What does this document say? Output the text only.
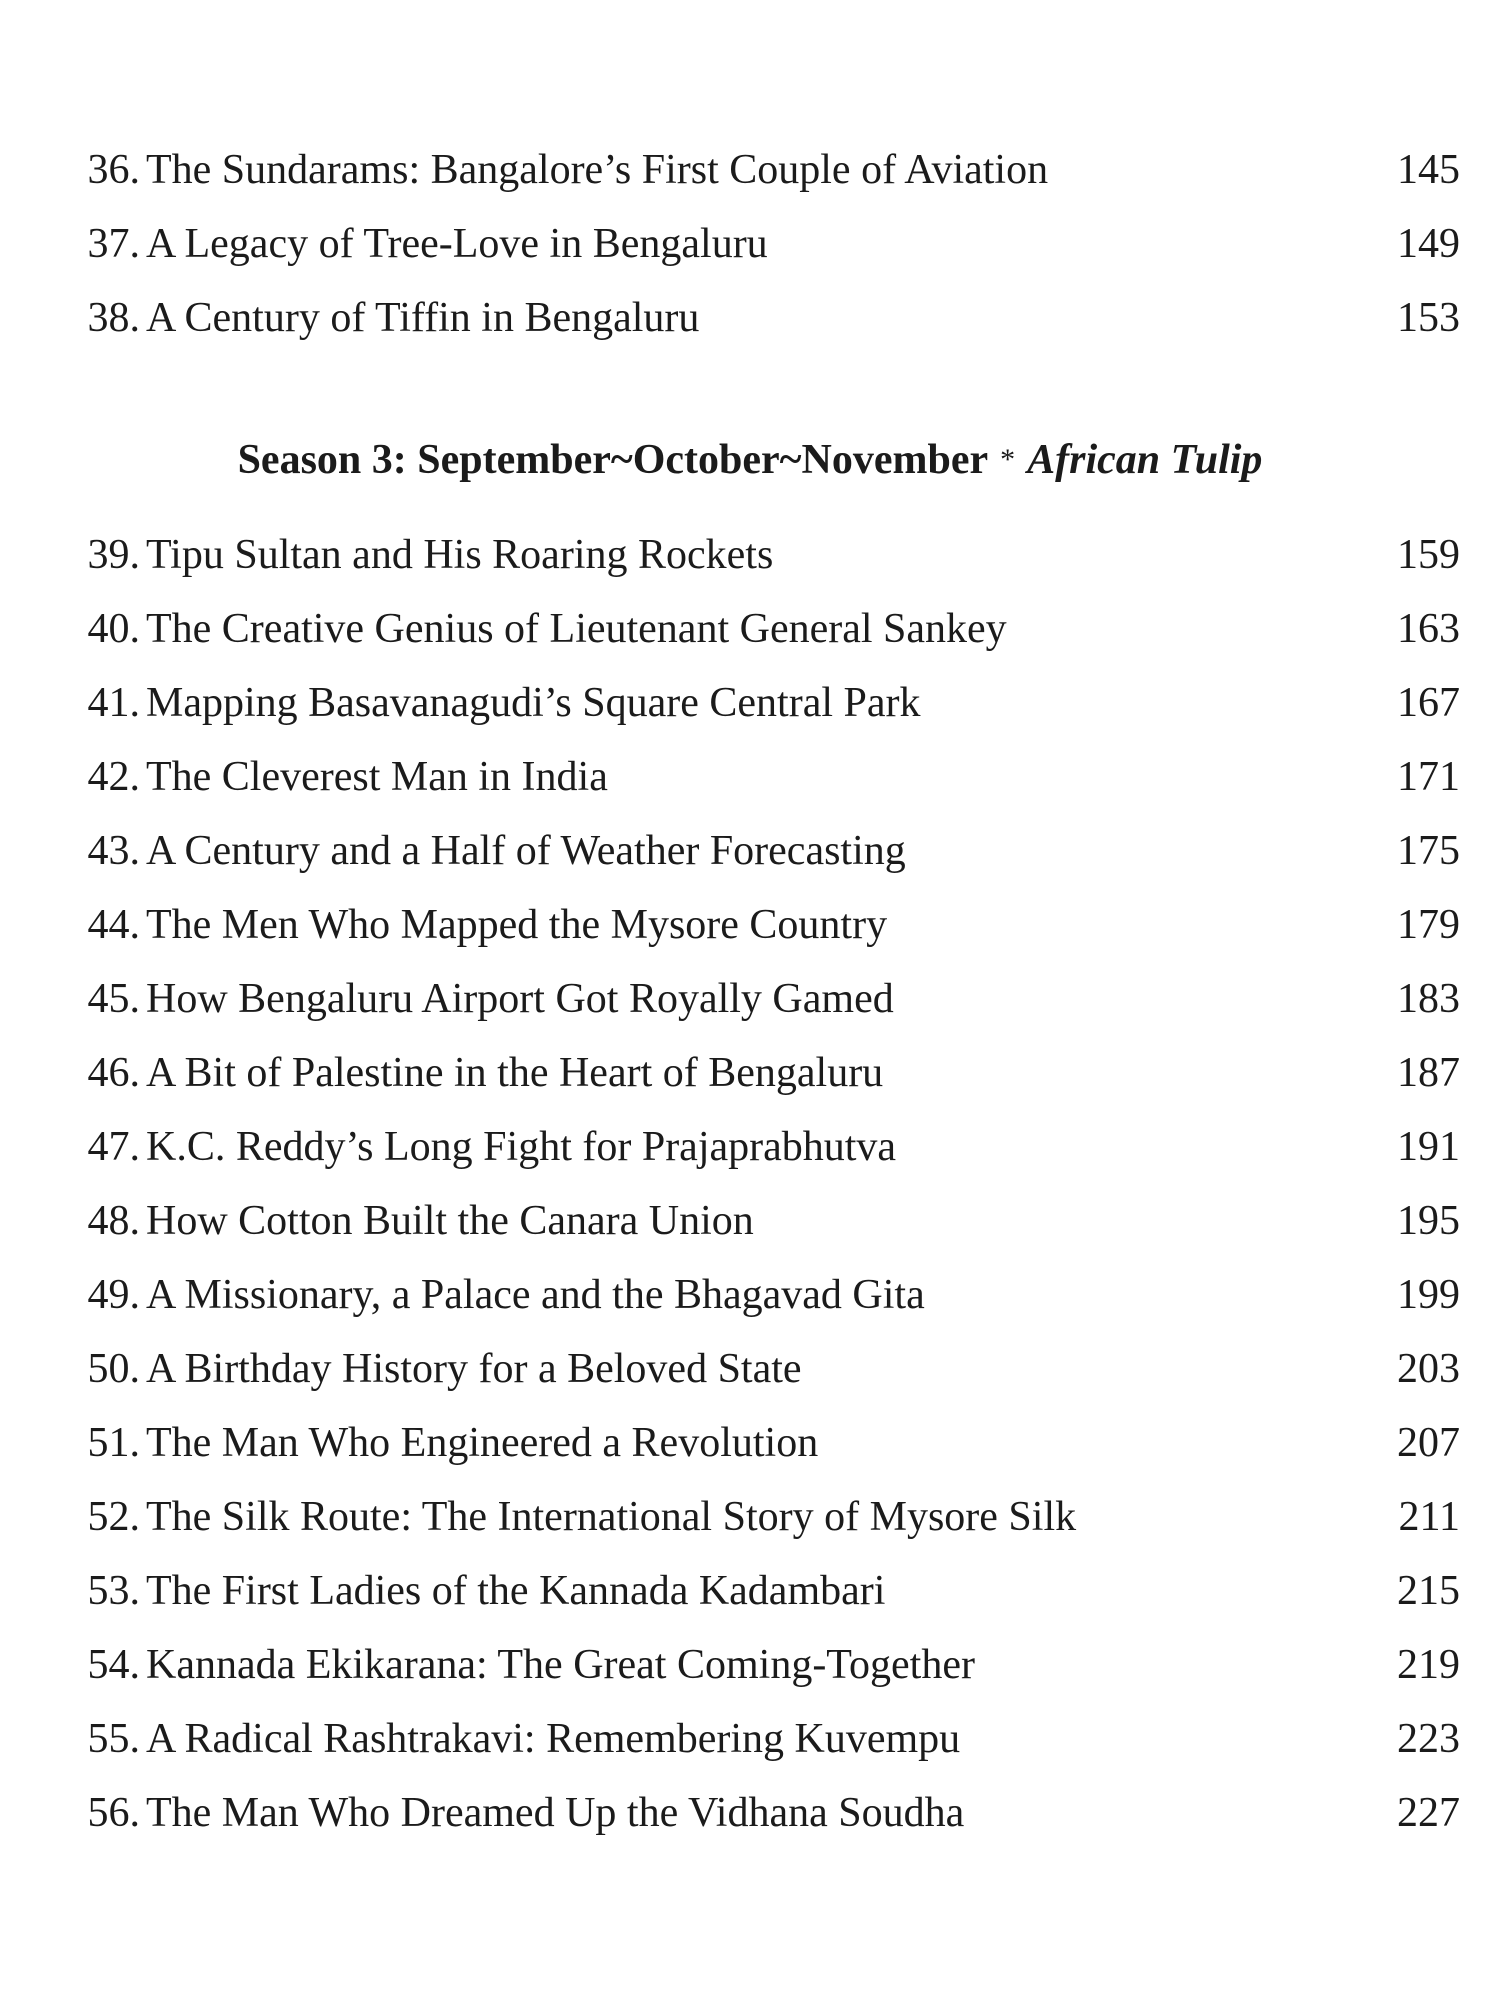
36. The Sundarams: Bangalore’s First Couple of Aviation	145
37. A Legacy of Tree-Love in Bengaluru	149
38. A Century of Tiffin in Bengaluru	153
Season 3: September~October~November * African Tulip
39. Tipu Sultan and His Roaring Rockets	159
40. The Creative Genius of Lieutenant General Sankey	163
41. Mapping Basavanagudi’s Square Central Park	167
42. The Cleverest Man in India	171
43. A Century and a Half of Weather Forecasting	175
44. The Men Who Mapped the Mysore Country	179
45. How Bengaluru Airport Got Royally Gamed	183
46. A Bit of Palestine in the Heart of Bengaluru	187
47. K.C. Reddy’s Long Fight for Prajaprabhutva	191
48. How Cotton Built the Canara Union	195
49. A Missionary, a Palace and the Bhagavad Gita	199
50. A Birthday History for a Beloved State	203
51. The Man Who Engineered a Revolution	207
52. The Silk Route: The International Story of Mysore Silk	211
53. The First Ladies of the Kannada Kadambari	215
54. Kannada Ekikarana: The Great Coming-Together	219
55. A Radical Rashtrakavi: Remembering Kuvempu	223
56. The Man Who Dreamed Up the Vidhana Soudha	227
